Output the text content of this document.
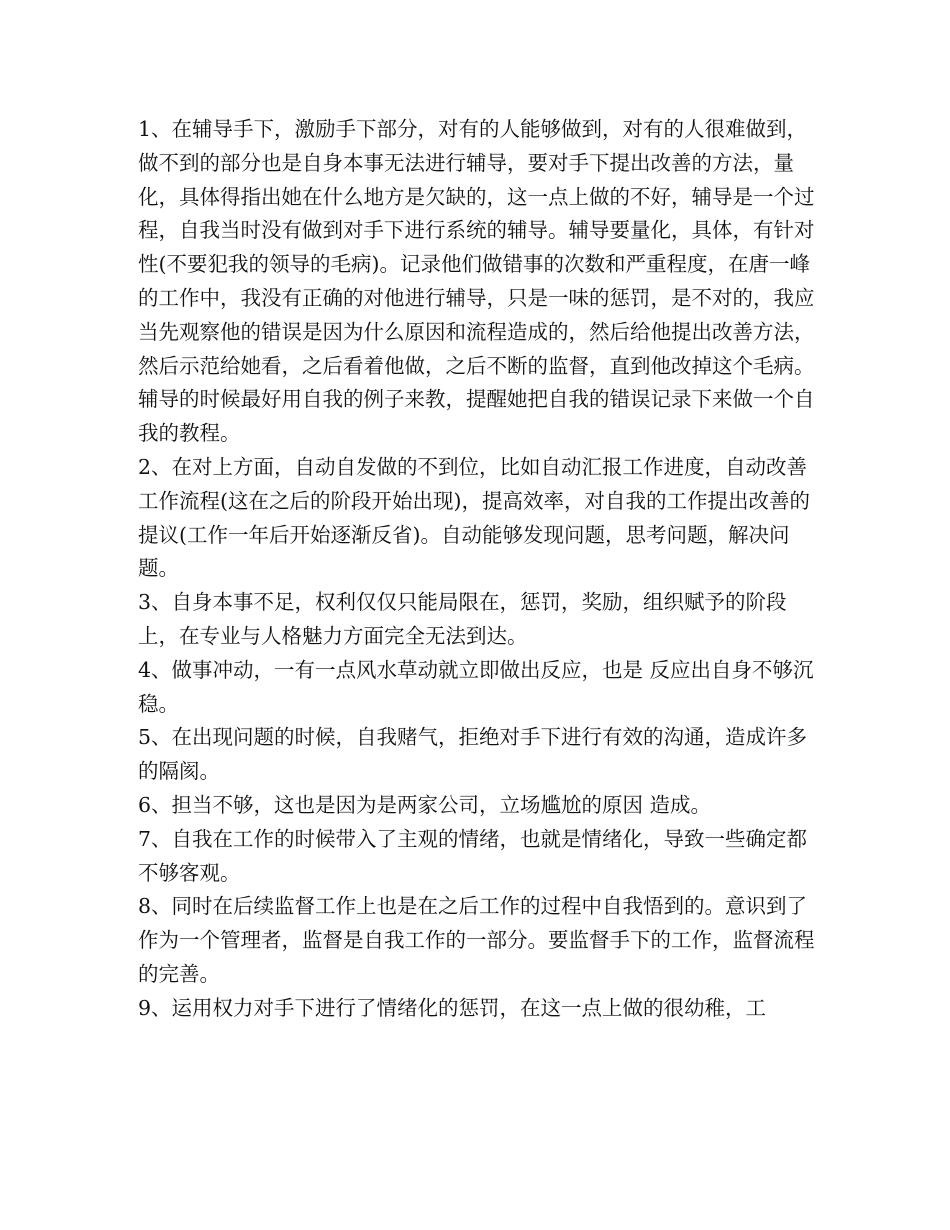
1、在辅导手下，激励手下部分，对有的人能够做到，对有的人很难做到，做不到的部分也是自身本事无法进行辅导，要对手下提出改善的方法，量化，具体得指出她在什么地方是欠缺的，这一点上做的不好，辅导是一个过程，自我当时没有做到对手下进行系统的辅导。辅导要量化，具体，有针对性(不要犯我的领导的毛病)。记录他们做错事的次数和严重程度，在唐一峰的工作中，我没有正确的对他进行辅导，只是一味的惩罚，是不对的，我应当先观察他的错误是因为什么原因和流程造成的，然后给他提出改善方法，然后示范给她看，之后看着他做，之后不断的监督，直到他改掉这个毛病。辅导的时候最好用自我的例子来教，提醒她把自我的错误记录下来做一个自我的教程。

2、在对上方面，自动自发做的不到位，比如自动汇报工作进度，自动改善工作流程(这在之后的阶段开始出现)，提高效率，对自我的工作提出改善的提议(工作一年后开始逐渐反省)。自动能够发现问题，思考问题，解决问题。

3、自身本事不足，权利仅仅只能局限在，惩罚，奖励，组织赋予的阶段上，在专业与人格魅力方面完全无法到达。

4、做事冲动，一有一点风水草动就立即做出反应，也是 反应出自身不够沉稳。

5、在出现问题的时候，自我赌气，拒绝对手下进行有效的沟通，造成许多的隔阂。

6、担当不够，这也是因为是两家公司，立场尴尬的原因 造成。

7、自我在工作的时候带入了主观的情绪，也就是情绪化，导致一些确定都不够客观。

8、同时在后续监督工作上也是在之后工作的过程中自我悟到的。意识到了作为一个管理者，监督是自我工作的一部分。要监督手下的工作，监督流程的完善。

9、运用权力对手下进行了情绪化的惩罚，在这一点上做的很幼稚，工
